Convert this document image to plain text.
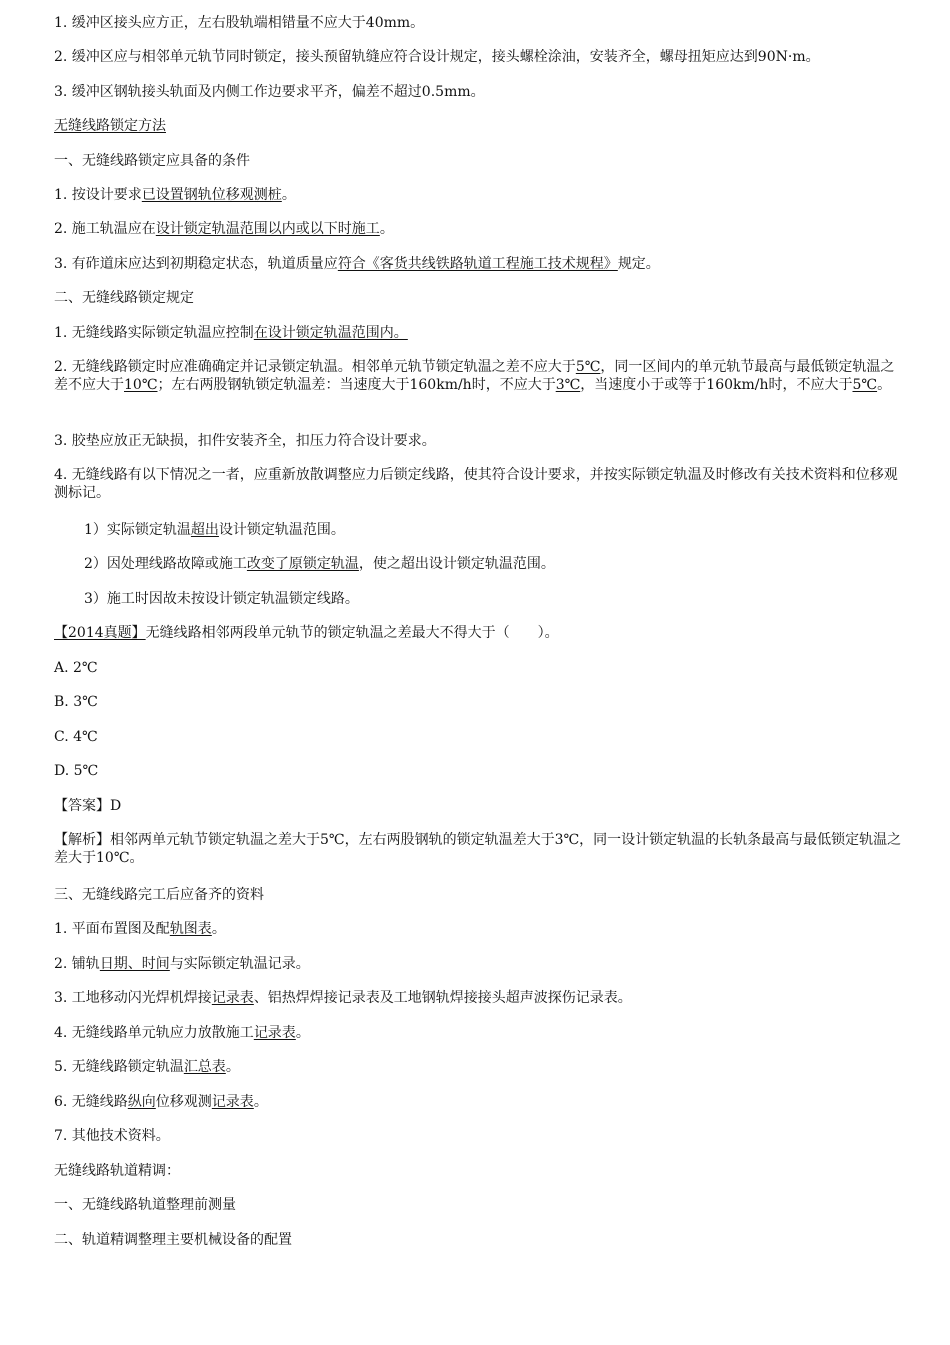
1. 缓冲区接头应方正，左右股轨端相错量不应大于40mm。
2. 缓冲区应与相邻单元轨节同时锁定，接头预留轨缝应符合设计规定，接头螺栓涂油，安装齐全，螺母扭矩应达到90N·m。
3. 缓冲区钢轨接头轨面及内侧工作边要求平齐，偏差不超过0.5mm。
无缝线路锁定方法
一、无缝线路锁定应具备的条件
1. 按设计要求已设置钢轨位移观测桩。
2. 施工轨温应在设计锁定轨温范围以内或以下时施工。
3. 有砟道床应达到初期稳定状态，轨道质量应符合《客货共线铁路轨道工程施工技术规程》规定。
二、无缝线路锁定规定
1. 无缝线路实际锁定轨温应控制在设计锁定轨温范围内。
2. 无缝线路锁定时应准确确定并记录锁定轨温。相邻单元轨节锁定轨温之差不应大于5℃，同一区间内的单元轨节最高与最低锁定轨温之差不应大于10℃；左右两股钢轨锁定轨温差：当速度大于160km/h时，不应大于3℃，当速度小于或等于160km/h时，不应大于5℃。
3. 胶垫应放正无缺损，扣件安装齐全，扣压力符合设计要求。
4. 无缝线路有以下情况之一者，应重新放散调整应力后锁定线路，使其符合设计要求，并按实际锁定轨温及时修改有关技术资料和位移观测标记。
1）实际锁定轨温超出设计锁定轨温范围。
2）因处理线路故障或施工改变了原锁定轨温，使之超出设计锁定轨温范围。
3）施工时因故未按设计锁定轨温锁定线路。
【2014真题】无缝线路相邻两段单元轨节的锁定轨温之差最大不得大于（　　）。
A. 2℃
B. 3℃
C. 4℃
D. 5℃
【答案】D
【解析】相邻两单元轨节锁定轨温之差大于5℃，左右两股钢轨的锁定轨温差大于3℃，同一设计锁定轨温的长轨条最高与最低锁定轨温之差大于10℃。
三、无缝线路完工后应备齐的资料
1. 平面布置图及配轨图表。
2. 铺轨日期、时间与实际锁定轨温记录。
3. 工地移动闪光焊机焊接记录表、铝热焊焊接记录表及工地钢轨焊接接头超声波探伤记录表。
4. 无缝线路单元轨应力放散施工记录表。
5. 无缝线路锁定轨温汇总表。
6. 无缝线路纵向位移观测记录表。
7. 其他技术资料。
无缝线路轨道精调：
一、无缝线路轨道整理前测量
二、轨道精调整理主要机械设备的配置
